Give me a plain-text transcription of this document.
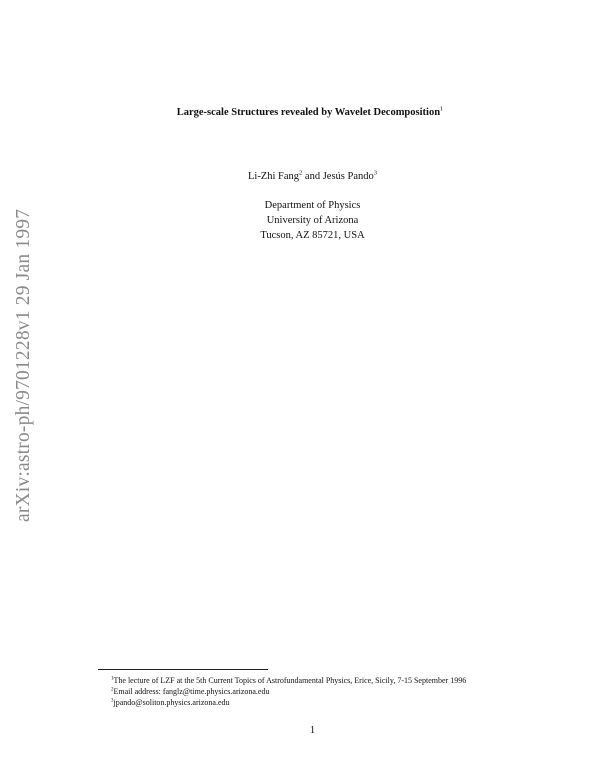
arXiv:astro-ph/9701228v1 29 Jan 1997
Large-scale Structures revealed by Wavelet Decomposition$^1$
Li-Zhi Fang$^2$ and Jesús Pando$^3$
Department of Physics
University of Arizona
Tucson, AZ 85721, USA
$^1$The lecture of LZF at the 5th Current Topics of Astrofundamental Physics, Erice, Sicily, 7-15 September 1996
$^2$Email address: fanglz@time.physics.arizona.edu
$^3$jpando@soliton.physics.arizona.edu
1
